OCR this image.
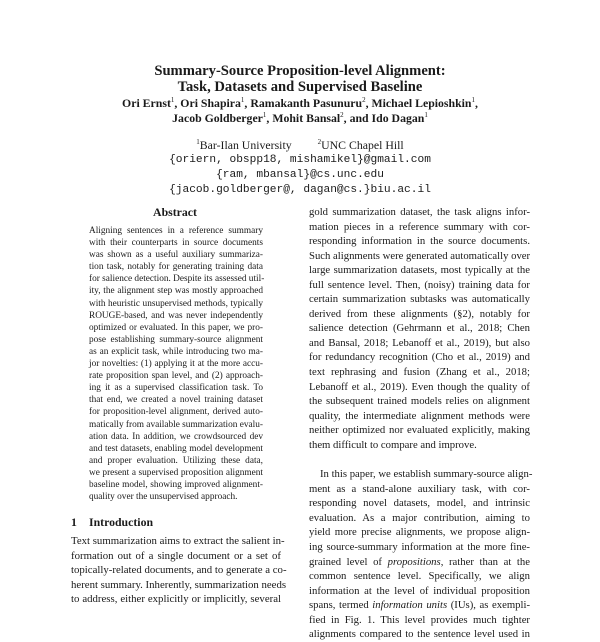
Summary-Source Proposition-level Alignment:
Task, Datasets and Supervised Baseline
Ori Ernst$^1$, Ori Shapira$^1$, Ramakanth Pasunuru$^2$, Michael Lepioshkin$^1$,
Jacob Goldberger$^1$, Mohit Bansal$^2$, and Ido Dagan$^1$
$^1$Bar-Ilan University	$^2$UNC Chapel Hill
{oriern, obspp18, mishamikel}@gmail.com
{ram, mbansal}@cs.unc.edu
{jacob.goldberger@, dagan@cs.}biu.ac.il
Abstract
Aligning sentences in a reference summary
with their counterparts in source documents
was shown as a useful auxiliary summariza-
tion task, notably for generating training data
for salience detection. Despite its assessed util-
ity, the alignment step was mostly approached
with heuristic unsupervised methods, typically
ROUGE-based, and was never independently
optimized or evaluated. In this paper, we pro-
pose establishing summary-source alignment
as an explicit task, while introducing two ma-
jor novelties: (1) applying it at the more accu-
rate proposition span level, and (2) approach-
ing it as a supervised classification task. To
that end, we created a novel training dataset
for proposition-level alignment, derived auto-
matically from available summarization evalu-
ation data. In addition, we crowdsourced dev
and test datasets, enabling model development
and proper evaluation. Utilizing these data,
we present a supervised proposition alignment
baseline model, showing improved alignment-
quality over the unsupervised approach.
1 Introduction
Text summarization aims to extract the salient in-
formation out of a single document or a set of
topically-related documents, and to generate a co-
herent summary. Inherently, summarization needs
to address, either explicitly or implicitly, several
gold summarization dataset, the task aligns infor-
mation pieces in a reference summary with cor-
responding information in the source documents.
Such alignments were generated automatically over
large summarization datasets, most typically at the
full sentence level. Then, (noisy) training data for
certain summarization subtasks was automatically
derived from these alignments (§2), notably for
salience detection (Gehrmann et al., 2018; Chen
and Bansal, 2018; Lebanoff et al., 2019), but also
for redundancy recognition (Cho et al., 2019) and
text rephrasing and fusion (Zhang et al., 2018;
Lebanoff et al., 2019). Even though the quality of
the subsequent trained models relies on alignment
quality, the intermediate alignment methods were
neither optimized nor evaluated explicitly, making
them difficult to compare and improve.
In this paper, we establish summary-source align-
ment as a stand-alone auxiliary task, with cor-
responding novel datasets, model, and intrinsic
evaluation. As a major contribution, aiming to
yield more precise alignments, we propose align-
ing source-summary information at the more fine-
grained level of propositions, rather than at the
common sentence level. Specifically, we align
information at the level of individual proposition
spans, termed information units (IUs), as exempli-
fied in Fig. 1. This level provides much tighter
alignments compared to the sentence level used in
